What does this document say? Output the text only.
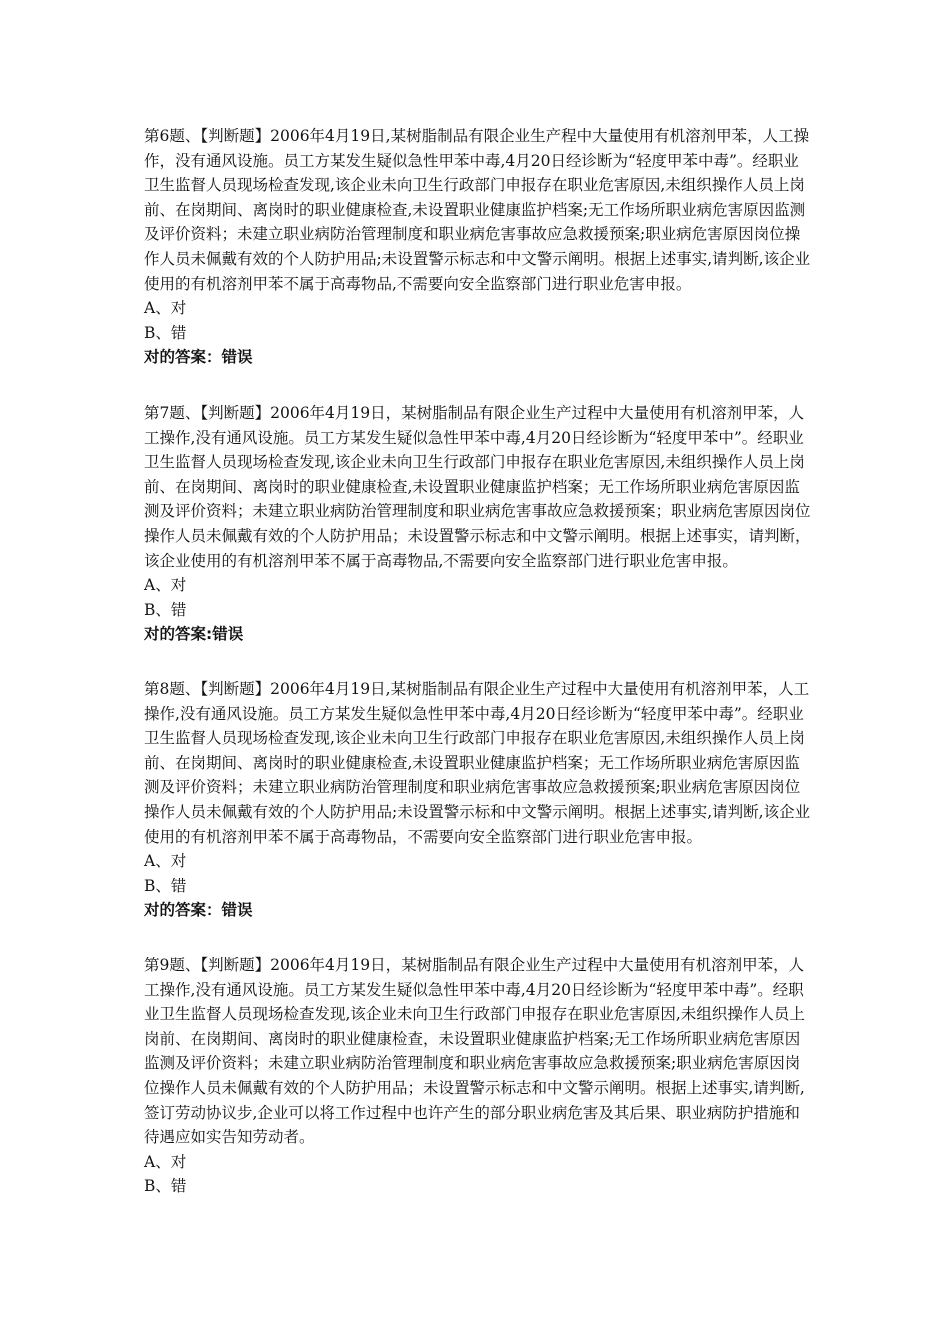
第6题、【判断题】2006年4月19日,某树脂制品有限企业生产程中大量使用有机溶剂甲苯，人工操作，没有通风设施。员工方某发生疑似急性甲苯中毒,4月20日经诊断为“轻度甲苯中毒”。经职业卫生监督人员现场检查发现,该企业未向卫生行政部门申报存在职业危害原因,未组织操作人员上岗前、在岗期间、离岗时的职业健康检查,未设置职业健康监护档案;无工作场所职业病危害原因监测及评价资料；未建立职业病防治管理制度和职业病危害事故应急救援预案;职业病危害原因岗位操作人员未佩戴有效的个人防护用品;未设置警示标志和中文警示阐明。根据上述事实,请判断,该企业使用的有机溶剂甲苯不属于高毒物品,不需要向安全监察部门进行职业危害申报。

A、对

B、错

对的答案：错误

第7题、【判断题】2006年4月19日，某树脂制品有限企业生产过程中大量使用有机溶剂甲苯，人工操作,没有通风设施。员工方某发生疑似急性甲苯中毒,4月20日经诊断为“轻度甲苯中”。经职业卫生监督人员现场检查发现,该企业未向卫生行政部门申报存在职业危害原因,未组织操作人员上岗前、在岗期间、离岗时的职业健康检查,未设置职业健康监护档案；无工作场所职业病危害原因监测及评价资料；未建立职业病防治管理制度和职业病危害事故应急救援预案；职业病危害原因岗位操作人员未佩戴有效的个人防护用品；未设置警示标志和中文警示阐明。根据上述事实，请判断，该企业使用的有机溶剂甲苯不属于高毒物品,不需要向安全监察部门进行职业危害申报。

A、对

B、错

对的答案:错误

第8题、【判断题】2006年4月19日,某树脂制品有限企业生产过程中大量使用有机溶剂甲苯，人工操作,没有通风设施。员工方某发生疑似急性甲苯中毒,4月20日经诊断为“轻度甲苯中毒”。经职业卫生监督人员现场检查发现,该企业未向卫生行政部门申报存在职业危害原因,未组织操作人员上岗前、在岗期间、离岗时的职业健康检查,未设置职业健康监护档案；无工作场所职业病危害原因监测及评价资料；未建立职业病防治管理制度和职业病危害事故应急救援预案;职业病危害原因岗位操作人员未佩戴有效的个人防护用品;未设置警示标和中文警示阐明。根据上述事实,请判断,该企业使用的有机溶剂甲苯不属于高毒物品，不需要向安全监察部门进行职业危害申报。

A、对

B、错

对的答案：错误

第9题、【判断题】2006年4月19日，某树脂制品有限企业生产过程中大量使用有机溶剂甲苯，人工操作,没有通风设施。员工方某发生疑似急性甲苯中毒,4月20日经诊断为“轻度甲苯中毒”。经职业卫生监督人员现场检查发现,该企业未向卫生行政部门申报存在职业危害原因,未组织操作人员上岗前、在岗期间、离岗时的职业健康检查，未设置职业健康监护档案;无工作场所职业病危害原因监测及评价资料；未建立职业病防治管理制度和职业病危害事故应急救援预案;职业病危害原因岗位操作人员未佩戴有效的个人防护用品；未设置警示标志和中文警示阐明。根据上述事实,请判断,签订劳动协议步,企业可以将工作过程中也许产生的部分职业病危害及其后果、职业病防护措施和待遇应如实告知劳动者。

A、对

B、错
